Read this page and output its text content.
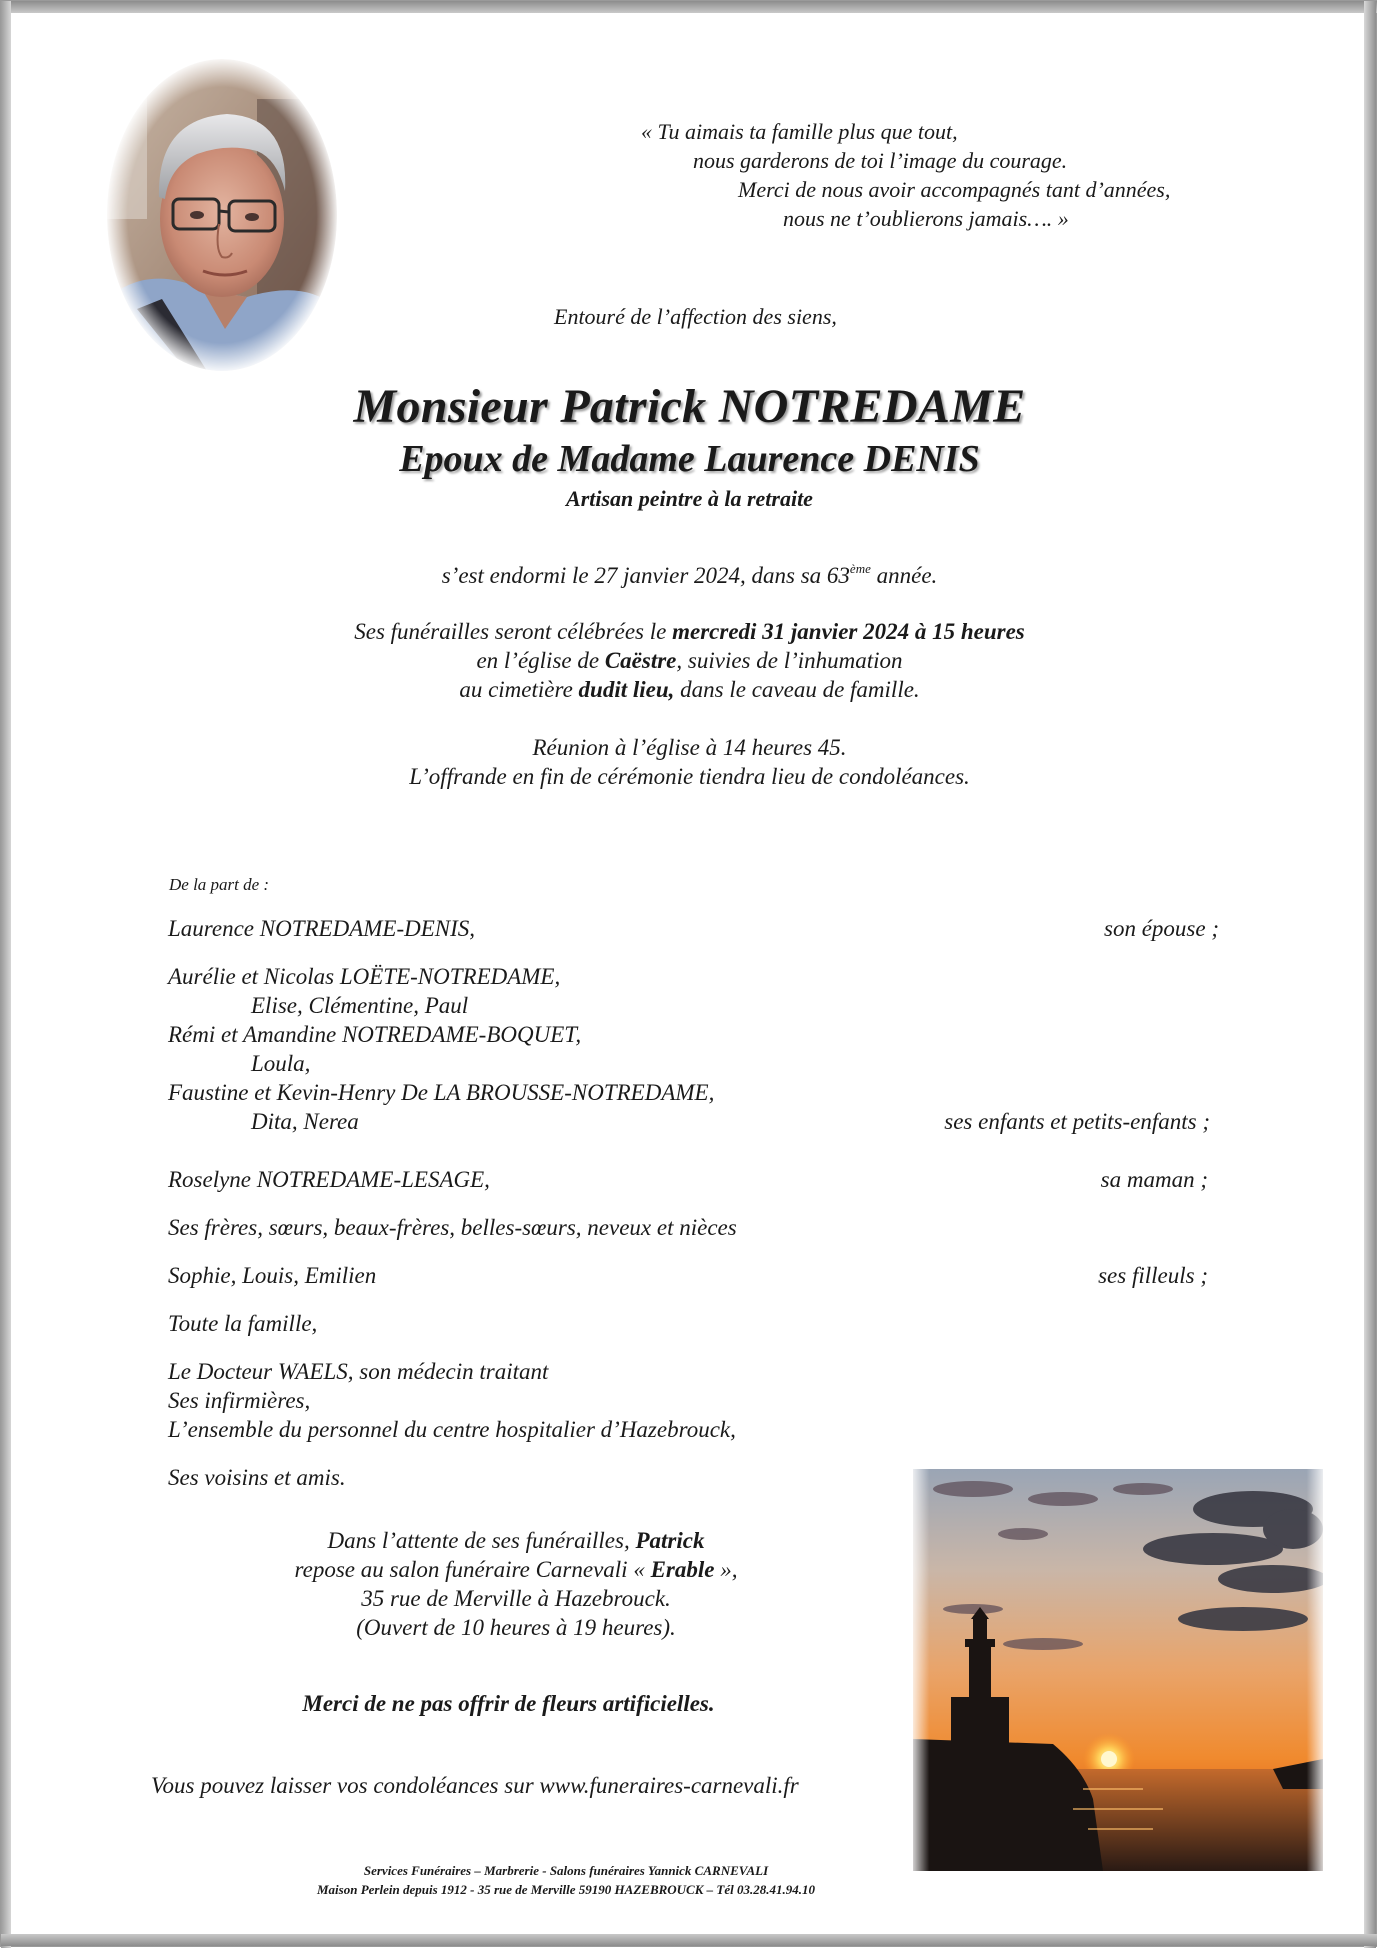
« Tu aimais ta famille plus que tout,
nous garderons de toi l’image du courage.
Merci de nous avoir accompagnés tant d’années,
nous ne t’oublierons jamais…. »
Entouré de l’affection des siens,
Monsieur Patrick NOTREDAME
Epoux de Madame Laurence DENIS
Artisan peintre à la retraite
s’est endormi le 27 janvier 2024, dans sa 63ème année.
Ses funérailles seront célébrées le mercredi 31 janvier 2024 à 15 heures
en l’église de Caëstre, suivies de l’inhumation
au cimetière dudit lieu, dans le caveau de famille.
Réunion à l’église à 14 heures 45.
L’offrande en fin de cérémonie tiendra lieu de condoléances.
De la part de :
Laurence NOTREDAME-DENIS,	son épouse ;
Aurélie et Nicolas LOËTE-NOTREDAME,
Elise, Clémentine, Paul
Rémi et Amandine NOTREDAME-BOQUET,
Loula,
Faustine et Kevin-Henry De LA BROUSSE-NOTREDAME,
Dita, Nerea	ses enfants et petits-enfants ;
Roselyne NOTREDAME-LESAGE,	sa maman ;
Ses frères, sœurs, beaux-frères, belles-sœurs, neveux et nièces
Sophie, Louis, Emilien	ses filleuls ;
Toute la famille,
Le Docteur WAELS, son médecin traitant
Ses infirmières,
L’ensemble du personnel du centre hospitalier d’Hazebrouck,
Ses voisins et amis.
Dans l’attente de ses funérailles, Patrick
repose au salon funéraire Carnevali « Erable »,
35 rue de Merville à Hazebrouck.
(Ouvert de 10 heures à 19 heures).
Merci de ne pas offrir de fleurs artificielles.
Vous pouvez laisser vos condoléances sur www.funeraires-carnevali.fr
Services Funéraires – Marbrerie - Salons funéraires Yannick CARNEVALI
Maison Perlein depuis 1912 - 35 rue de Merville 59190 HAZEBROUCK – Tél 03.28.41.94.10
